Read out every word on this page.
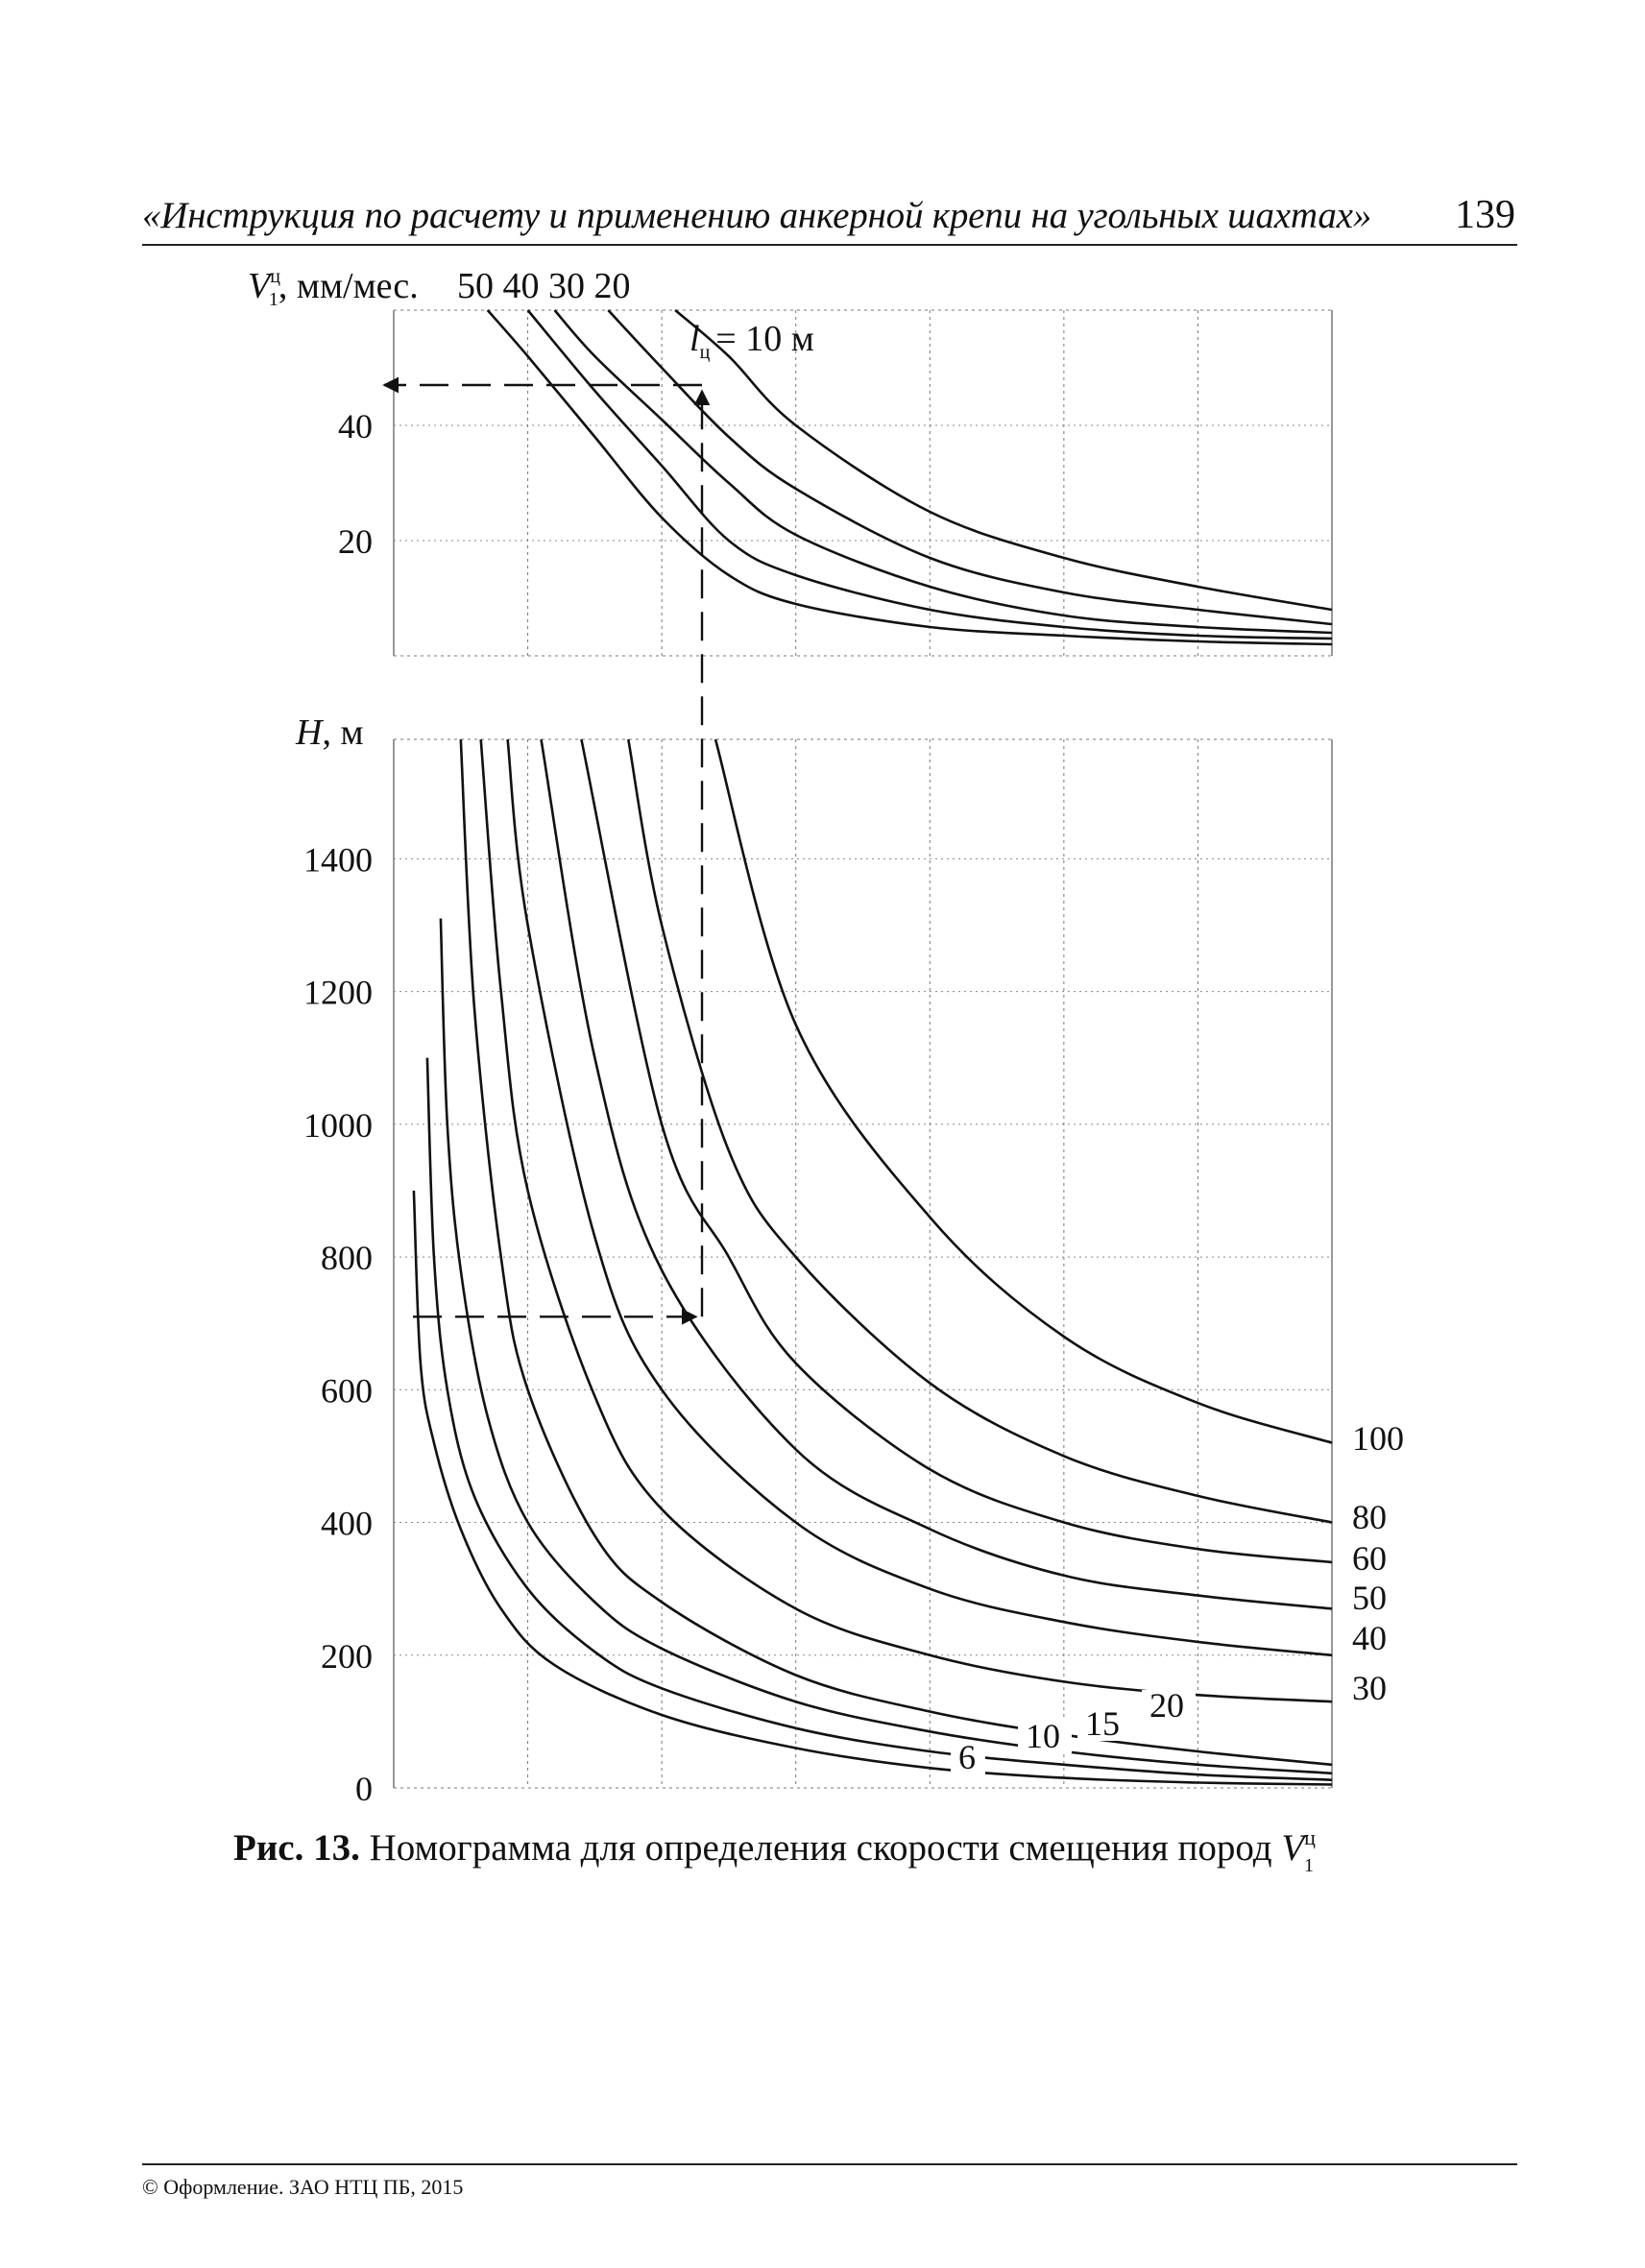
«Инструкция по расчету и применению анкерной крепи на угольных шахтах» 139
20
40
$V^ц$ 1, мм/мес. 50 40 30 20
$l_ц = 10$ м
0
200
400
600
800
1000
1200
1400
H, м
6
10 15 20	30
40
50
60
80
100
Рис. 13. Номограмма для определения скорости смещения пород $V^ц_1$
© Оформление. ЗАО НТЦ ПБ, 2015
